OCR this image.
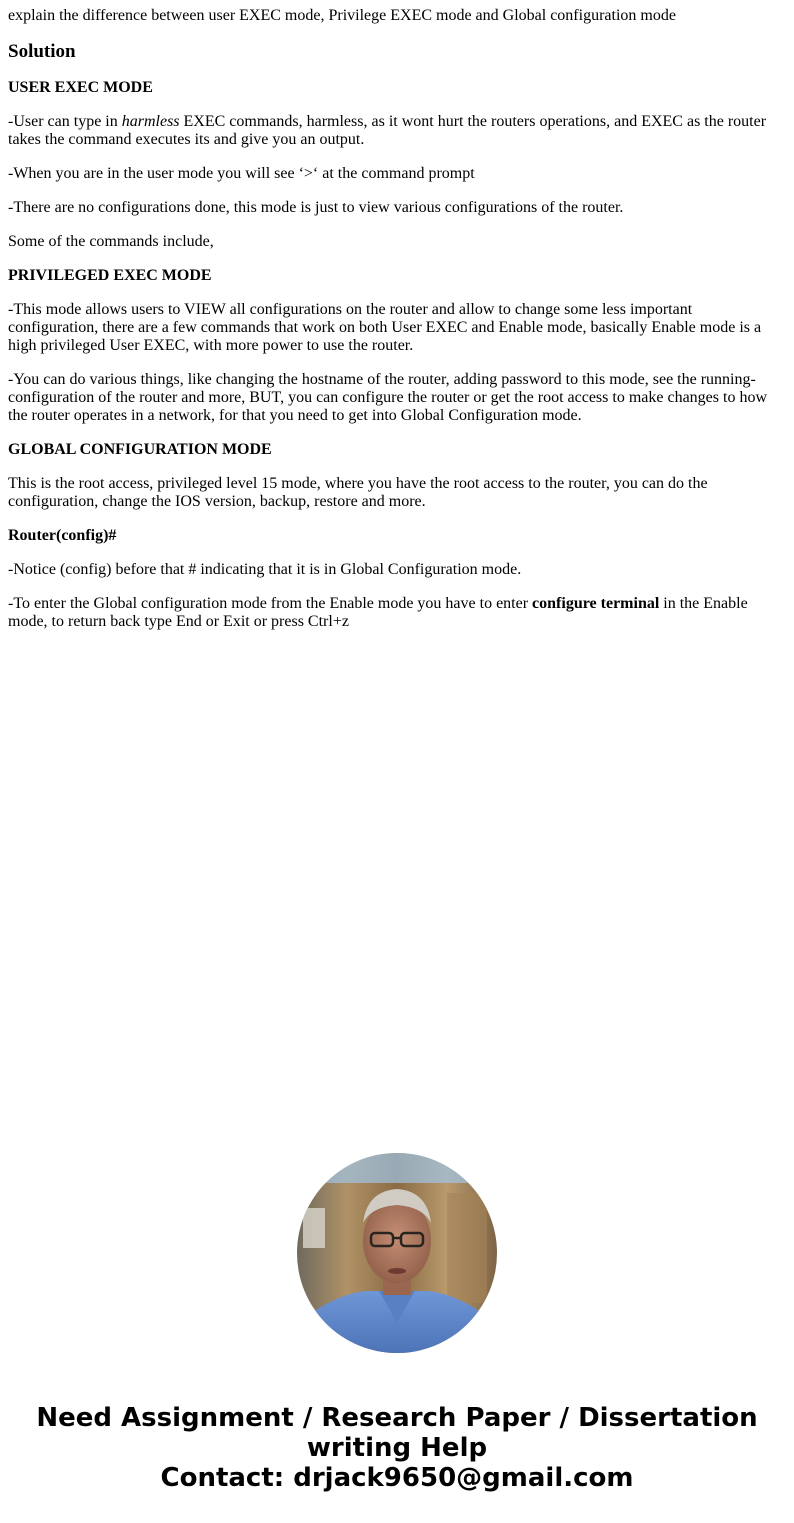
explain the difference between user EXEC mode, Privilege EXEC mode and Global configuration mode
Solution

USER EXEC MODE

-User can type in harmless EXEC commands, harmless, as it wont hurt the routers operations, and EXEC as the router takes the command executes its and give you an output.

-When you are in the user mode you will see ‘>‘ at the command prompt

-There are no configurations done, this mode is just to view various configurations of the router.

Some of the commands include,

PRIVILEGED EXEC MODE

-This mode allows users to VIEW all configurations on the router and allow to change some less important configuration, there are a few commands that work on both User EXEC and Enable mode, basically Enable mode is a high privileged User EXEC, with more power to use the router.

-You can do various things, like changing the hostname of the router, adding password to this mode, see the running-configuration of the router and more, BUT, you can configure the router or get the root access to make changes to how the router operates in a network, for that you need to get into Global Configuration mode.

GLOBAL CONFIGURATION MODE

This is the root access, privileged level 15 mode, where you have the root access to the router, you can do the configuration, change the IOS version, backup, restore and more.

Router(config)#

-Notice (config) before that # indicating that it is in Global Configuration mode.

-To enter the Global configuration mode from the Enable mode you have to enter configure terminal in the Enable mode, to return back type End or Exit or press Ctrl+z

Need Assignment / Research Paper / Dissertation
writing Help
Contact: drjack9650@gmail.com
